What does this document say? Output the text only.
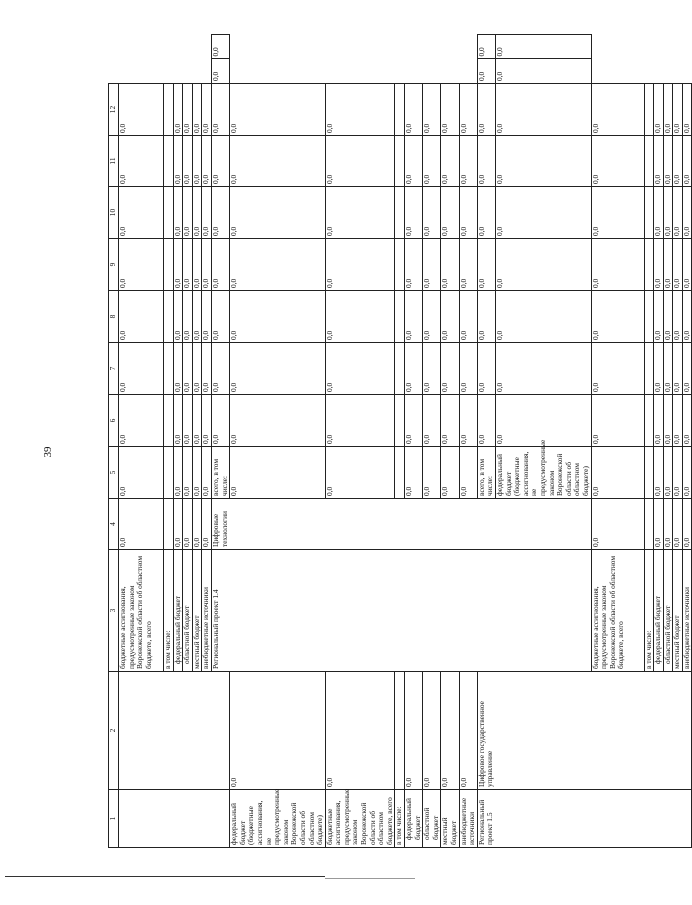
39
1	2	3	4	5	6	7	8	9	10	11	12		
		бюджетные ассигнования, предусмотренные законом Воронежской области об областном бюджете, всего	0,0	0,0	0,0	0,0	0,0	0,0	0,0	0,0	0,0		
		в том числе:											
		федеральный бюджет	0,0	0,0	0,0	0,0	0,0	0,0	0,0	0,0	0,0		
		областной бюджет	0,0	0,0	0,0	0,0	0,0	0,0	0,0	0,0	0,0		
		местный бюджет	0,0	0,0	0,0	0,0	0,0	0,0	0,0	0,0	0,0		
		внебюджетные источники	0,0	0,0	0,0	0,0	0,0	0,0	0,0	0,0	0,0		
		Региональный проект 1.4	Цифровые технологии	всего, в том числе:	0,0	0,0	0,0	0,0	0,0	0,0	0,0	0,0	0,0
федеральный бюджет (бюджетные ассигнования, не предусмотренные законом Воронежской области об областном бюджете)	0,0			0,0	0,0	0,0	0,0	0,0	0,0	0,0	0,0		
бюджетные ассигнования, предусмотренные законом Воронежской области об областном бюджете, всего	0,0			0,0	0,0	0,0	0,0	0,0	0,0	0,0	0,0		
в том числе:													
федеральный бюджет	0,0			0,0	0,0	0,0	0,0	0,0	0,0	0,0	0,0		
областной бюджет	0,0			0,0	0,0	0,0	0,0	0,0	0,0	0,0	0,0		
местный бюджет	0,0			0,0	0,0	0,0	0,0	0,0	0,0	0,0	0,0		
внебюджетные источники	0,0			0,0	0,0	0,0	0,0	0,0	0,0	0,0	0,0		
Региональный проект 1.5	Цифровое государственное управление			всего, в том числе:	0,0	0,0	0,0	0,0	0,0	0,0	0,0	0,0	0,0
				федеральный бюджет (бюджетные ассигнования, не предусмотренные законом Воронежской области об областном бюджете)	0,0	0,0	0,0	0,0	0,0	0,0	0,0	0,0	0,0
		бюджетные ассигнования, предусмотренные законом Воронежской области об областном бюджете, всего	0,0	0,0	0,0	0,0	0,0	0,0	0,0	0,0	0,0		
		в том числе:											
		федеральный бюджет	0,0	0,0	0,0	0,0	0,0	0,0	0,0	0,0	0,0		
		областной бюджет	0,0	0,0	0,0	0,0	0,0	0,0	0,0	0,0	0,0		
		местный бюджет	0,0	0,0	0,0	0,0	0,0	0,0	0,0	0,0	0,0		
		внебюджетные источники	0,0	0,0	0,0	0,0	0,0	0,0	0,0	0,0	0,0		
